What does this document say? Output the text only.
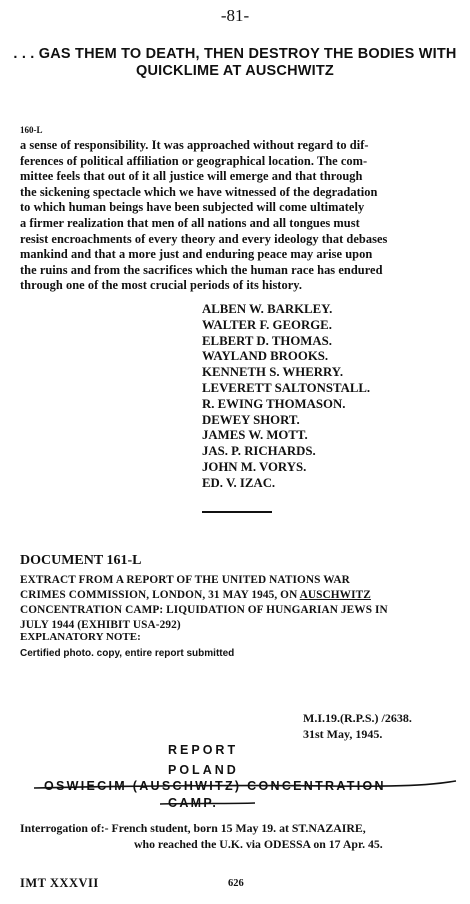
-81-
. . . GAS THEM TO DEATH, THEN DESTROY THE BODIES WITH
QUICKLIME AT AUSCHWITZ
160-L
a sense of responsibility. It was approached without regard to dif-
ferences of political affiliation or geographical location. The com-
mittee feels that out of it all justice will emerge and that through
the sickening spectacle which we have witnessed of the degradation
to which human beings have been subjected will come ultimately
a firmer realization that men of all nations and all tongues must
resist encroachments of every theory and every ideology that debases
mankind and that a more just and enduring peace may arise upon
the ruins and from the sacrifices which the human race has endured
through one of the most crucial periods of its history.
ALBEN W. BARKLEY.
WALTER F. GEORGE.
ELBERT D. THOMAS.
WAYLAND BROOKS.
KENNETH S. WHERRY.
LEVERETT SALTONSTALL.
R. EWING THOMASON.
DEWEY SHORT.
JAMES W. MOTT.
JAS. P. RICHARDS.
JOHN M. VORYS.
ED. V. IZAC.
DOCUMENT 161-L
EXTRACT FROM A REPORT OF THE UNITED NATIONS WAR
CRIMES COMMISSION, LONDON, 31 MAY 1945, ON AUSCHWITZ
CONCENTRATION CAMP: LIQUIDATION OF HUNGARIAN JEWS IN
JULY 1944 (EXHIBIT USA-292)
EXPLANATORY NOTE:
Certified photo. copy, entire report submitted
M.I.19.(R.P.S.) /2638.
31st May, 1945.
REPORT
POLAND
OSWIECIM (AUSCHWITZ) CONCENTRATION
CAMP.
Interrogation of:- French student, born 15 May 19. at ST.NAZAIRE,
who reached the U.K. via ODESSA on 17 Apr. 45.
IMT XXXVII	626
